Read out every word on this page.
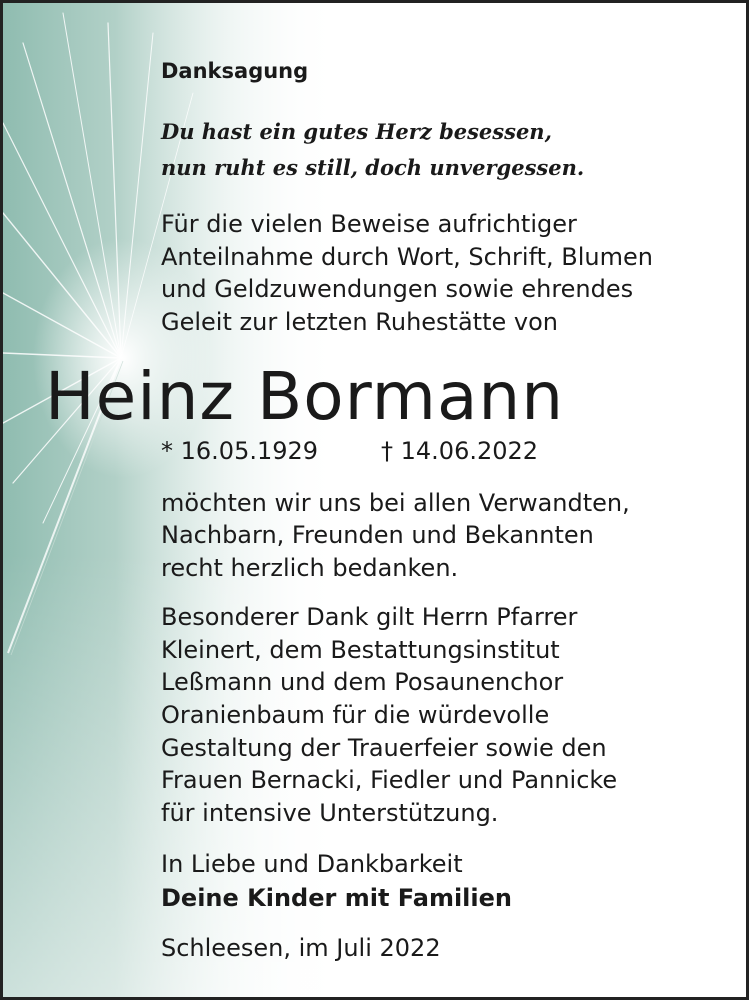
Danksagung

Du hast ein gutes Herz besessen,

nun ruht es still, doch unvergessen.

Für die vielen Beweise aufrichtiger

Anteilnahme durch Wort, Schrift, Blumen

und Geldzuwendungen sowie ehrendes

Geleit zur letzten Ruhestätte von

Heinz Bormann

* 16.05.1929	† 14.06.2022

möchten wir uns bei allen Verwandten,

Nachbarn, Freunden und Bekannten

recht herzlich bedanken.

Besonderer Dank gilt Herrn Pfarrer

Kleinert, dem Bestattungsinstitut

Leßmann und dem Posaunenchor

Oranienbaum für die würdevolle

Gestaltung der Trauerfeier sowie den

Frauen Bernacki, Fiedler und Pannicke

für intensive Unterstützung.

In Liebe und Dankbarkeit

Deine Kinder mit Familien

Schleesen, im Juli 2022
